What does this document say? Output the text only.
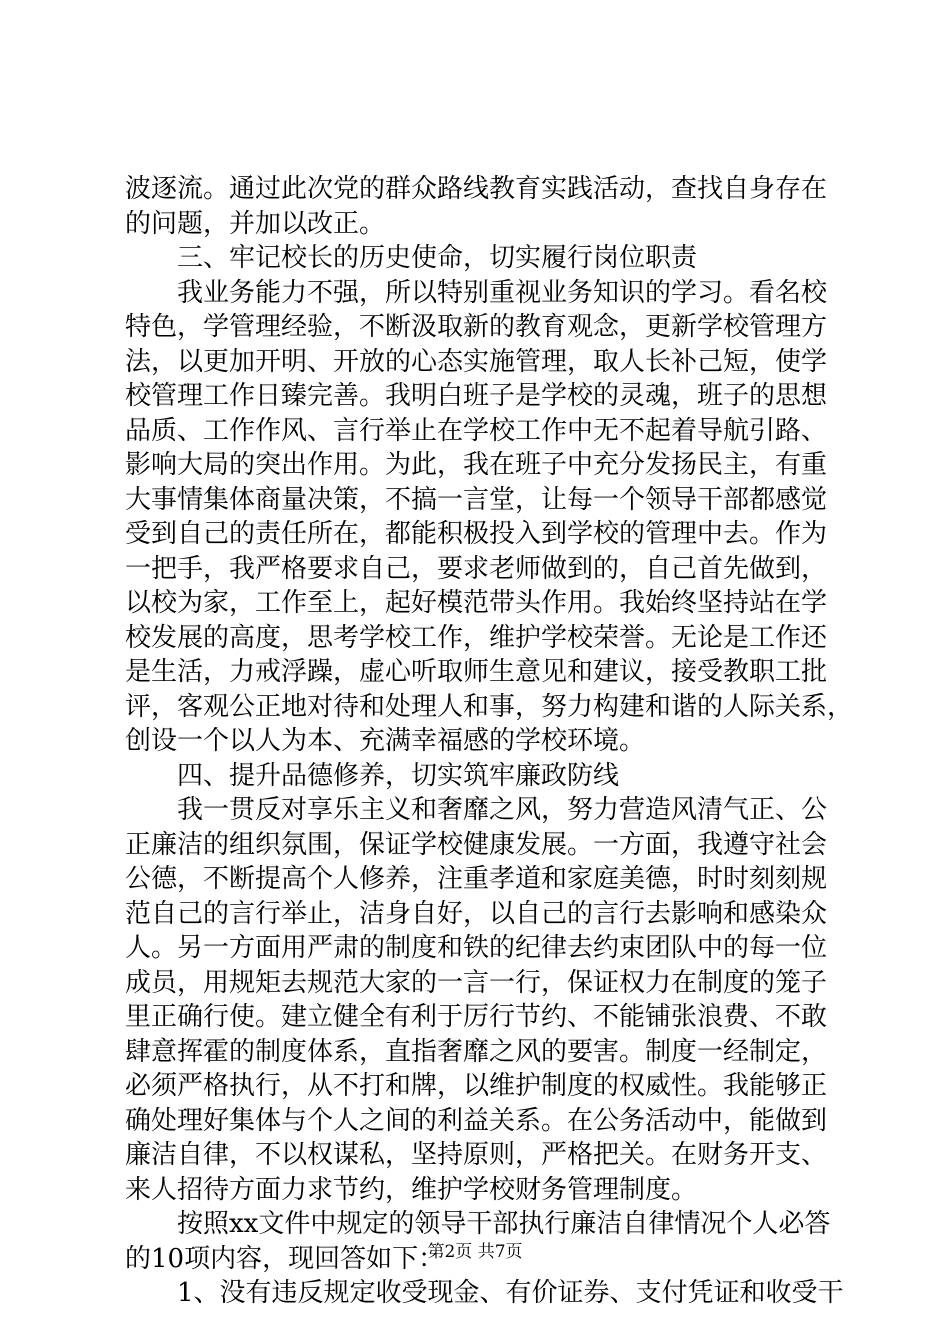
波逐流。通过此次党的群众路线教育实践活动，查找自身存在
的问题，并加以改正。
　　三、牢记校长的历史使命，切实履行岗位职责
　　我业务能力不强，所以特别重视业务知识的学习。看名校
特色，学管理经验，不断汲取新的教育观念，更新学校管理方
法，以更加开明、开放的心态实施管理，取人长补己短，使学
校管理工作日臻完善。我明白班子是学校的灵魂，班子的思想
品质、工作作风、言行举止在学校工作中无不起着导航引路、
影响大局的突出作用。为此，我在班子中充分发扬民主，有重
大事情集体商量决策，不搞一言堂，让每一个领导干部都感觉
受到自己的责任所在，都能积极投入到学校的管理中去。作为
一把手，我严格要求自己，要求老师做到的，自己首先做到，
以校为家，工作至上，起好模范带头作用。我始终坚持站在学
校发展的高度，思考学校工作，维护学校荣誉。无论是工作还
是生活，力戒浮躁，虚心听取师生意见和建议，接受教职工批
评，客观公正地对待和处理人和事，努力构建和谐的人际关系，
创设一个以人为本、充满幸福感的学校环境。
　　四、提升品德修养，切实筑牢廉政防线
　　我一贯反对享乐主义和奢靡之风，努力营造风清气正、公
正廉洁的组织氛围，保证学校健康发展。一方面，我遵守社会
公德，不断提高个人修养，注重孝道和家庭美德，时时刻刻规
范自己的言行举止，洁身自好，以自己的言行去影响和感染众
人。另一方面用严肃的制度和铁的纪律去约束团队中的每一位
成员，用规矩去规范大家的一言一行，保证权力在制度的笼子
里正确行使。建立健全有利于厉行节约、不能铺张浪费、不敢
肆意挥霍的制度体系，直指奢靡之风的要害。制度一经制定，
必须严格执行，从不打和牌，以维护制度的权威性。我能够正
确处理好集体与个人之间的利益关系。在公务活动中，能做到
廉洁自律，不以权谋私，坚持原则，严格把关。在财务开支、
来人招待方面力求节约，维护学校财务管理制度。
　　按照xx文件中规定的领导干部执行廉洁自律情况个人必答
的10项内容，现回答如下：
　　1、没有违反规定收受现金、有价证券、支付凭证和收受干
第2页 共7页
